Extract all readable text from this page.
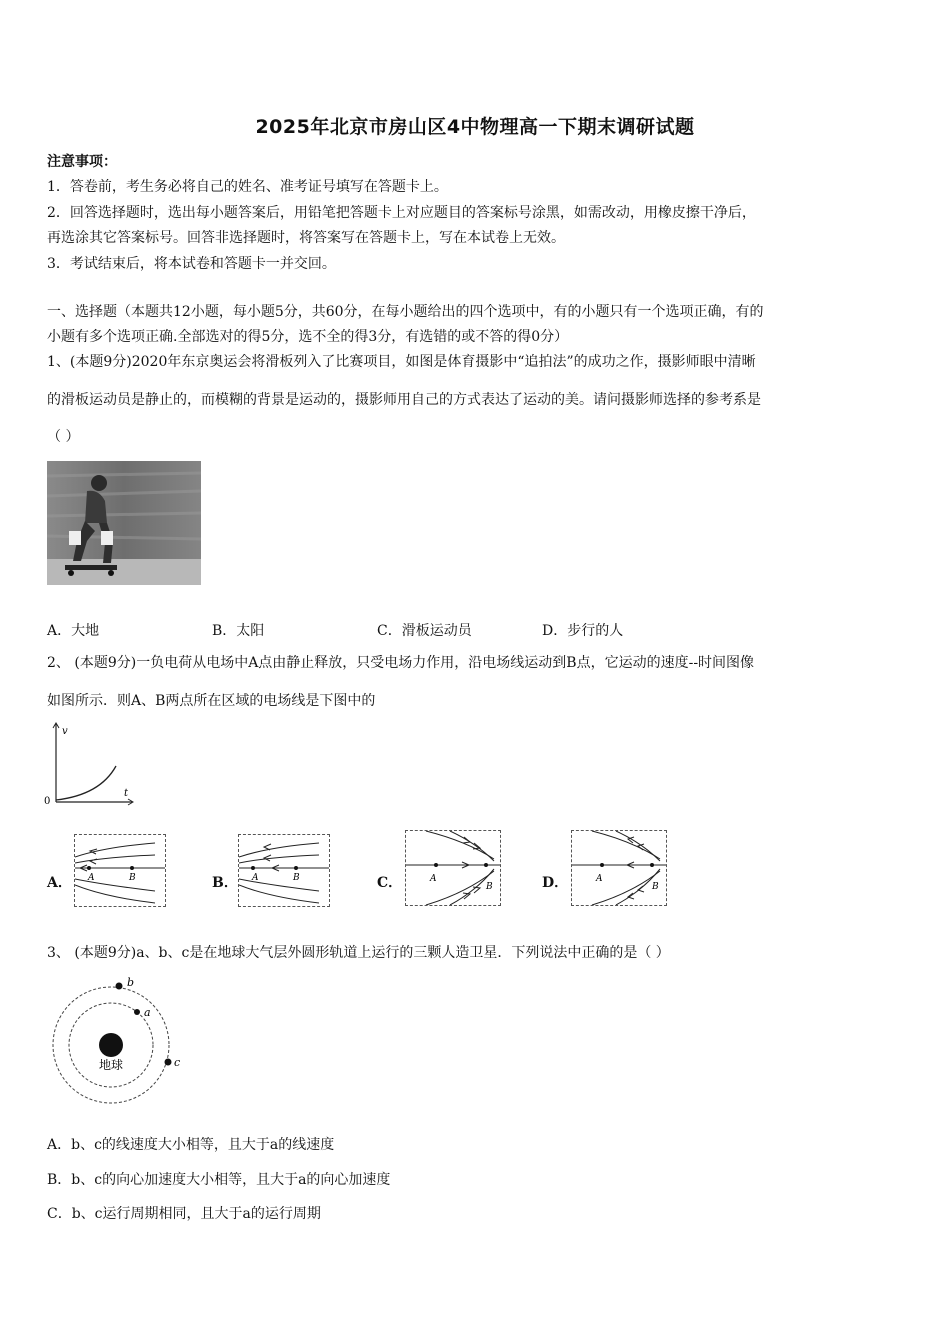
2025年北京市房山区4中物理高一下期末调研试题
注意事项：
1．答卷前，考生务必将自己的姓名、准考证号填写在答题卡上。
2．回答选择题时，选出每小题答案后，用铅笔把答题卡上对应题目的答案标号涂黑，如需改动，用橡皮擦干净后，
再选涂其它答案标号。回答非选择题时，将答案写在答题卡上，写在本试卷上无效。
3．考试结束后，将本试卷和答题卡一并交回。
一、选择题（本题共12小题，每小题5分，共60分，在每小题给出的四个选项中，有的小题只有一个选项正确，有的
小题有多个选项正确.全部选对的得5分，选不全的得3分，有选错的或不答的得0分）
1、(本题9分)2020年东京奥运会将滑板列入了比赛项目，如图是体育摄影中“追拍法”的成功之作，摄影师眼中清晰
的滑板运动员是静止的，而模糊的背景是运动的，摄影师用自己的方式表达了运动的美。请问摄影师选择的参考系是
（ ）
A．大地	B．太阳	C．滑板运动员	D．步行的人
2、 (本题9分)一负电荷从电场中A点由静止释放，只受电场力作用，沿电场线运动到B点，它运动的速度--时间图像
如图所示．则A、B两点所在区域的电场线是下图中的
v
t
0
A． A	B	B． A	B	C．	A
B	D．	A
B
3、 (本题9分)a、b、c是在地球大气层外圆形轨道上运行的三颗人造卫星．下列说法中正确的是（ ）
地球
b
a
c
A．b、c的线速度大小相等，且大于a的线速度
B．b、c的向心加速度大小相等，且大于a的向心加速度
C．b、c运行周期相同，且大于a的运行周期
